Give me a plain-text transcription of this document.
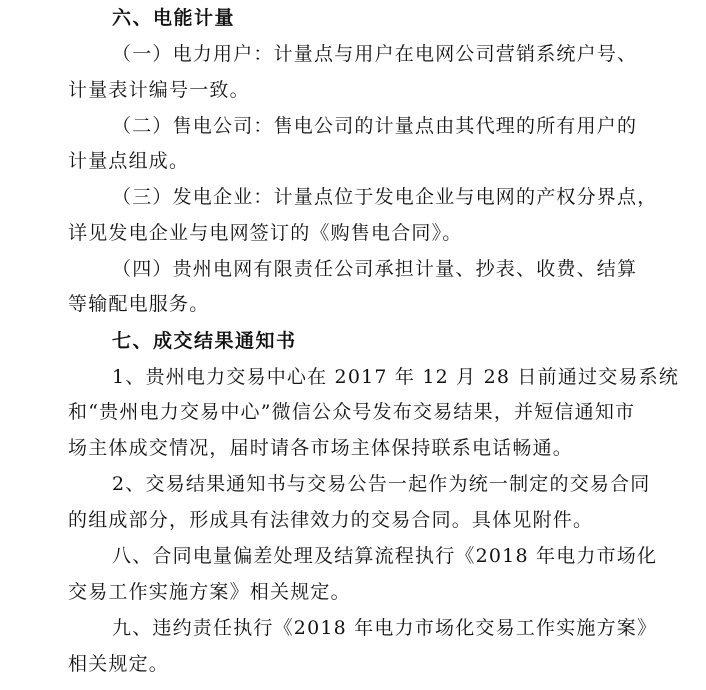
六、电能计量
（一）电力用户：计量点与用户在电网公司营销系统户号、
计量表计编号一致。
（二）售电公司：售电公司的计量点由其代理的所有用户的
计量点组成。
（三）发电企业：计量点位于发电企业与电网的产权分界点，
详见发电企业与电网签订的《购售电合同》。
（四）贵州电网有限责任公司承担计量、抄表、收费、结算
等输配电服务。
七、成交结果通知书
1、贵州电力交易中心在 2017 年 12 月 28 日前通过交易系统
和“贵州电力交易中心”微信公众号发布交易结果，并短信通知市
场主体成交情况，届时请各市场主体保持联系电话畅通。
2、交易结果通知书与交易公告一起作为统一制定的交易合同
的组成部分，形成具有法律效力的交易合同。具体见附件。
八、合同电量偏差处理及结算流程执行《2018 年电力市场化
交易工作实施方案》相关规定。
九、违约责任执行《2018 年电力市场化交易工作实施方案》
相关规定。
